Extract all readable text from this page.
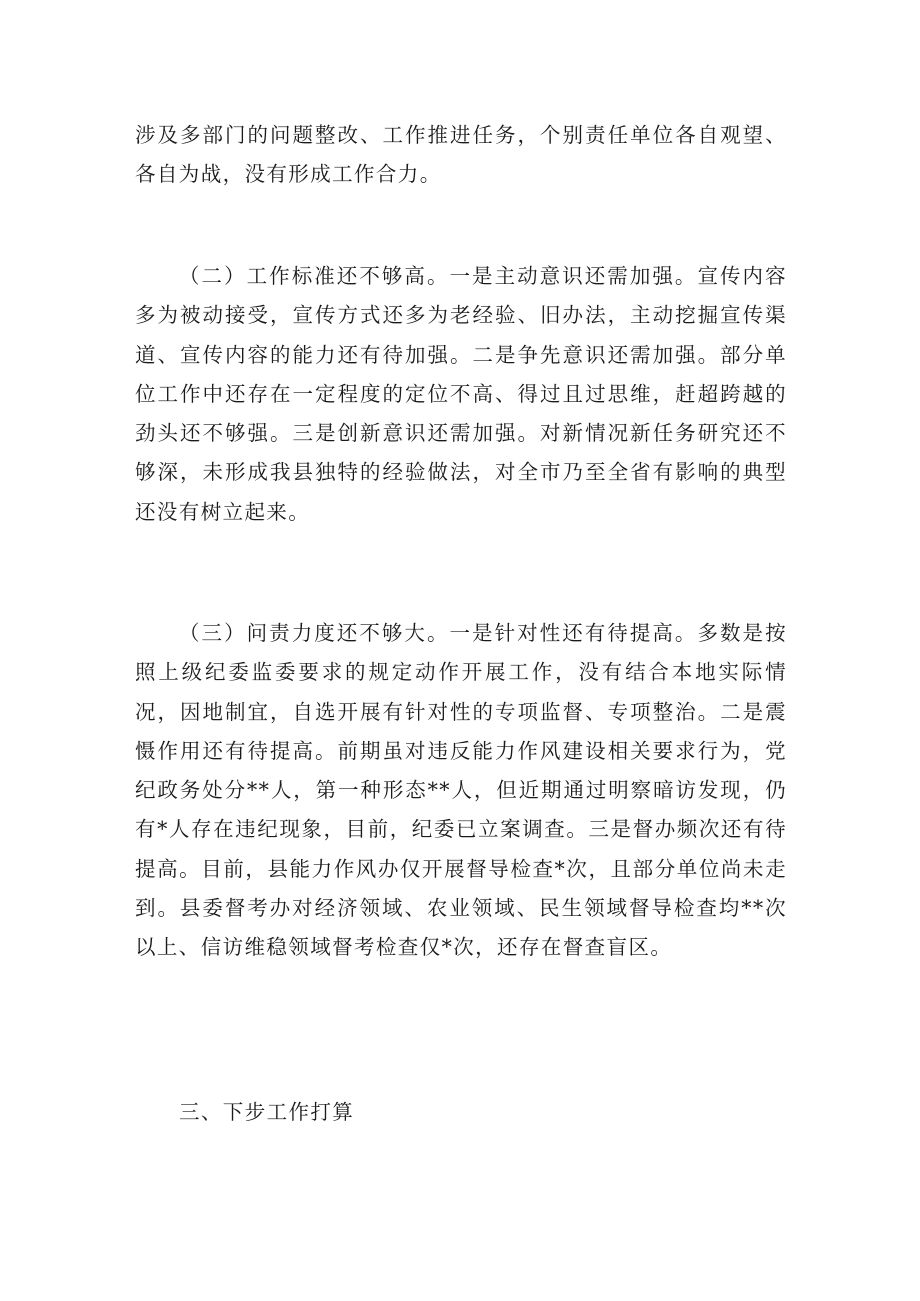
涉及多部门的问题整改、工作推进任务，个别责任单位各自观望、各自为战，没有形成工作合力。

（二）工作标准还不够高。一是主动意识还需加强。宣传内容多为被动接受，宣传方式还多为老经验、旧办法，主动挖掘宣传渠道、宣传内容的能力还有待加强。二是争先意识还需加强。部分单位工作中还存在一定程度的定位不高、得过且过思维，赶超跨越的劲头还不够强。三是创新意识还需加强。对新情况新任务研究还不够深，未形成我县独特的经验做法，对全市乃至全省有影响的典型还没有树立起来。

（三）问责力度还不够大。一是针对性还有待提高。多数是按照上级纪委监委要求的规定动作开展工作，没有结合本地实际情况，因地制宜，自选开展有针对性的专项监督、专项整治。二是震慑作用还有待提高。前期虽对违反能力作风建设相关要求行为，党纪政务处分**人，第一种形态**人，但近期通过明察暗访发现，仍有*人存在违纪现象，目前，纪委已立案调查。三是督办频次还有待提高。目前，县能力作风办仅开展督导检查*次，且部分单位尚未走到。县委督考办对经济领域、农业领域、民生领域督导检查均**次以上、信访维稳领域督考检查仅*次，还存在督查盲区。

三、下步工作打算
